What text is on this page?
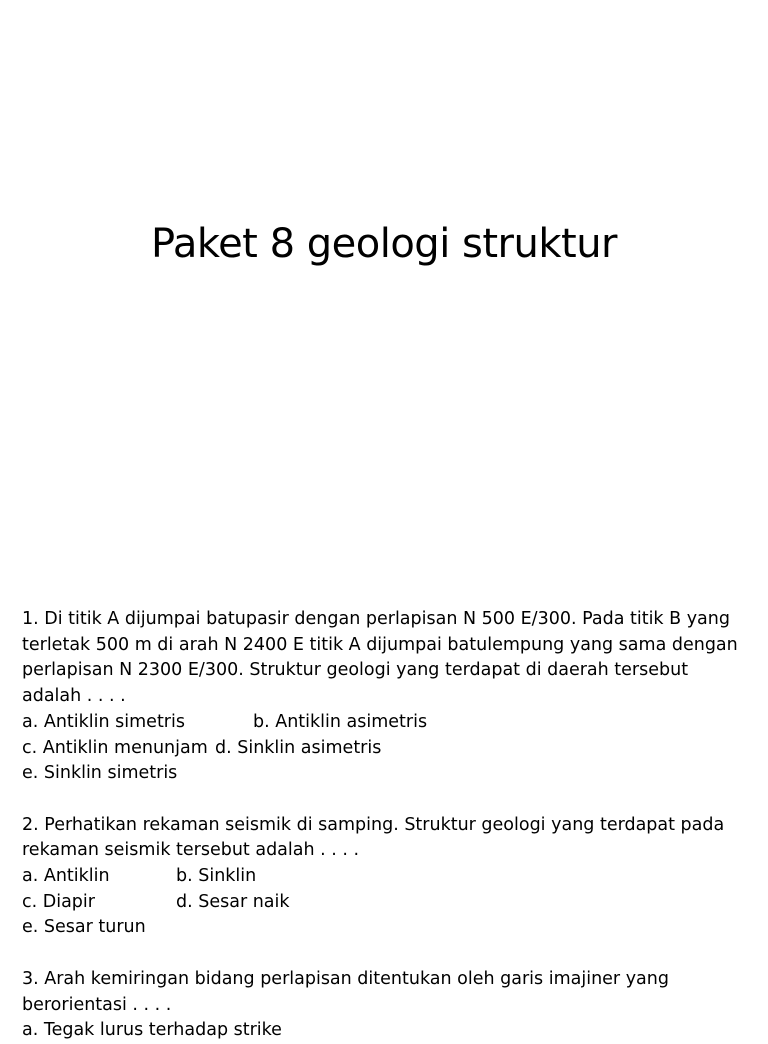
Paket 8 geologi struktur

1. Di titik A dijumpai batupasir dengan perlapisan N 500 E/300. Pada titik B yang terletak 500 m di arah N 2400 E titik A dijumpai batulempung yang sama dengan perlapisan N 2300 E/300. Struktur geologi yang terdapat di daerah tersebut adalah . . . .

a. Antiklin simetris	b. Antiklin asimetris
c. Antiklin menunjam d. Sinklin asimetris
e. Sinklin simetris

2. Perhatikan rekaman seismik di samping. Struktur geologi yang terdapat pada rekaman seismik tersebut adalah . . . .

a. Antiklin	b. Sinklin
c. Diapir	d. Sesar naik
e. Sesar turun

3. Arah kemiringan bidang perlapisan ditentukan oleh garis imajiner yang berorientasi . . . .

a. Tegak lurus terhadap strike
